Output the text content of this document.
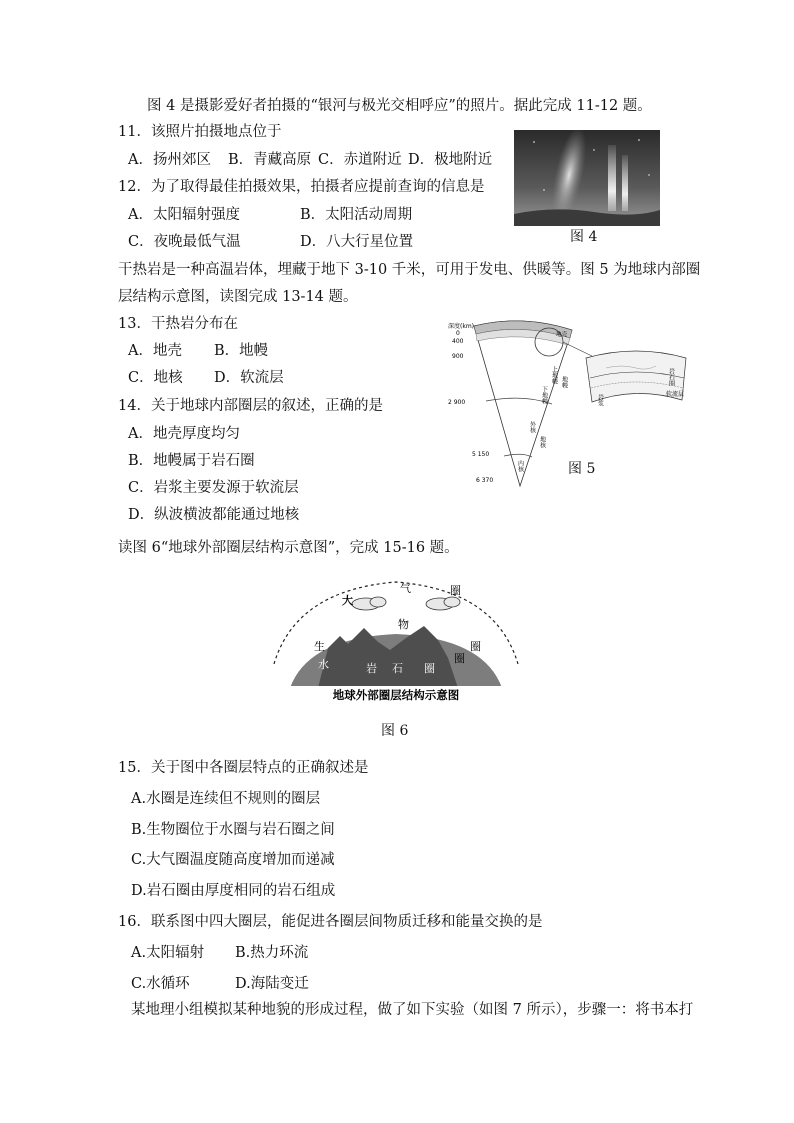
图 4 是摄影爱好者拍摄的“银河与极光交相呼应”的照片。据此完成 11-12 题。
11．该照片拍摄地点位于
A．扬州郊区 B．青藏高原 C．赤道附近 D．极地附近
12．为了取得最佳拍摄效果，拍摄者应提前查询的信息是
A．太阳辐射强度	B．太阳活动周期
C．夜晚最低气温	D．八大行星位置	图 4
干热岩是一种高温岩体，埋藏于地下 3-10 千米，可用于发电、供暖等。图 5 为地球内部圈
层结构示意图，读图完成 13-14 题。
13．干热岩分布在
A．地壳 B．地幔
C．地核 D．软流层
14．关于地球内部圈层的叙述，正确的是
A．地壳厚度均匀
B．地幔属于岩石圈
C．岩浆主要发源于软流层
D．纵波横波都能通过地核
深度(km)
0
400
900
2 900
5 150
6 370
上地幔
下地幔
外核
内核
地核
地幔
地壳
岩石圈
软流层
岩浆
图 5
读图 6“地球外部圈层结构示意图”，完成 15-16 题。
大
气	圈
生
物
圈
水	岩 石 圈
圈
地球外部圈层结构示意图
图 6
15．关于图中各圈层特点的正确叙述是
A.水圈是连续但不规则的圈层
B.生物圈位于水圈与岩石圈之间
C.大气圈温度随高度增加而递减
D.岩石圈由厚度相同的岩石组成
16．联系图中四大圈层，能促进各圈层间物质迁移和能量交换的是
A.太阳辐射 B.热力环流
C.水循环	D.海陆变迁
某地理小组模拟某种地貌的形成过程，做了如下实验（如图 7 所示），步骤一：将书本打
